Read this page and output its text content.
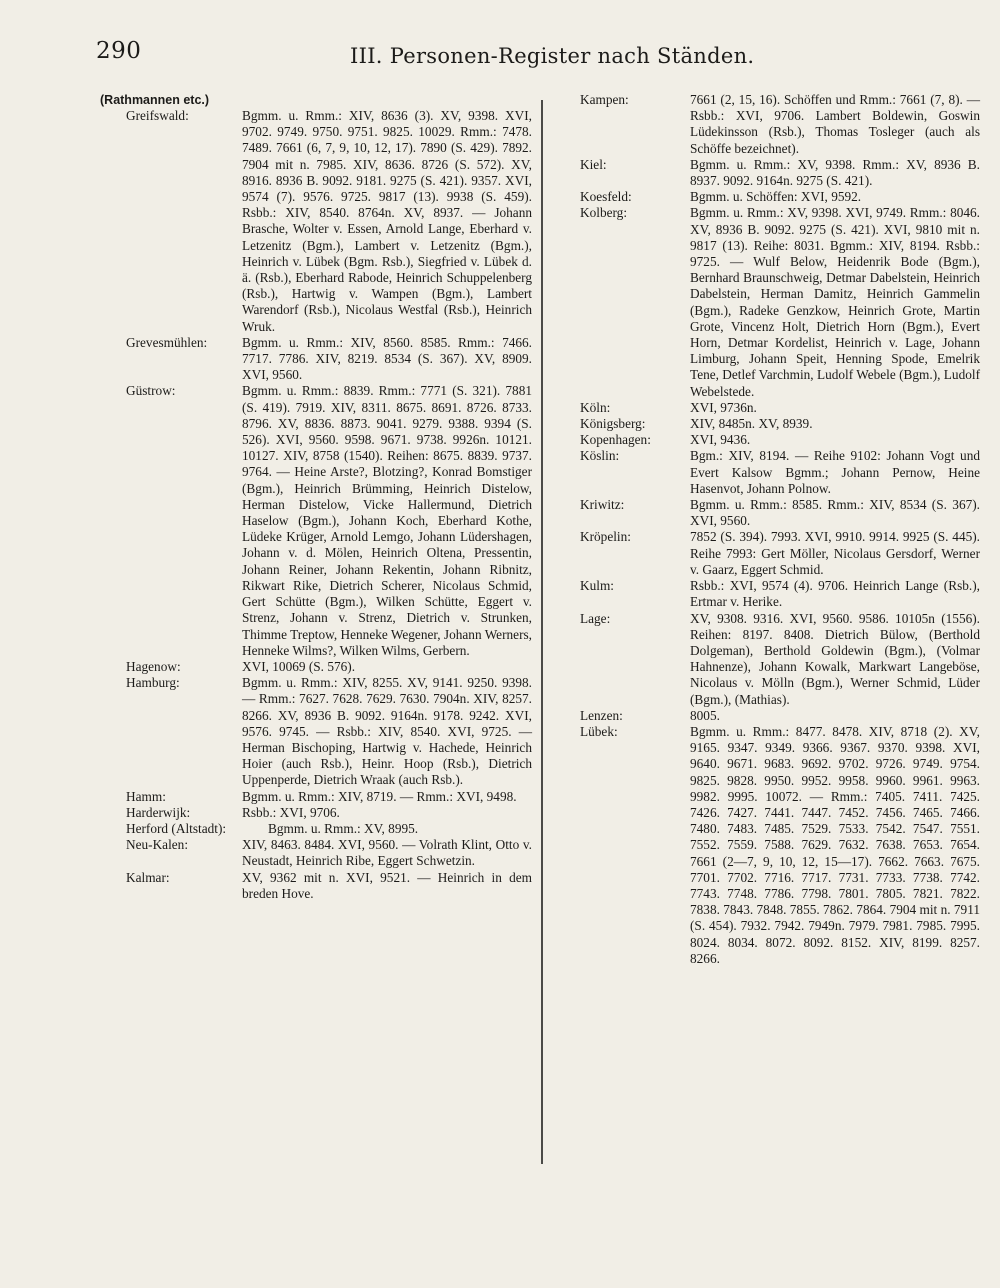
290	III. Personen-Register nach Ständen.
(Rathmannen etc.)
Greifswald:	Bgmm. u. Rmm.: XIV, 8636 (3). XV, 9398. XVI, 9702. 9749. 9750. 9751. 9825. 10029. Rmm.: 7478. 7489. 7661 (6, 7, 9, 10, 12, 17). 7890 (S. 429). 7892. 7904 mit n. 7985. XIV, 8636. 8726 (S. 572). XV, 8916. 8936 B. 9092. 9181. 9275 (S. 421). 9357. XVI, 9574 (7). 9576. 9725. 9817 (13). 9938 (S. 459). Rsbb.: XIV, 8540. 8764n. XV, 8937. — Johann Brasche, Wolter v. Essen, Arnold Lange, Eberhard v. Letzenitz (Bgm.), Lambert v. Letzenitz (Bgm.), Heinrich v. Lübek (Bgm. Rsb.), Siegfried v. Lübek d. ä. (Rsb.), Eberhard Rabode, Heinrich Schuppelenberg (Rsb.), Hartwig v. Wampen (Bgm.), Lambert Warendorf (Rsb.), Nicolaus Westfal (Rsb.), Heinrich Wruk.
Grevesmühlen:	Bgmm. u. Rmm.: XIV, 8560. 8585. Rmm.: 7466. 7717. 7786. XIV, 8219. 8534 (S. 367). XV, 8909. XVI, 9560.
Güstrow:	Bgmm. u. Rmm.: 8839. Rmm.: 7771 (S. 321). 7881 (S. 419). 7919. XIV, 8311. 8675. 8691. 8726. 8733. 8796. XV, 8836. 8873. 9041. 9279. 9388. 9394 (S. 526). XVI, 9560. 9598. 9671. 9738. 9926n. 10121. 10127. XIV, 8758 (1540). Reihen: 8675. 8839. 9737. 9764. — Heine Arste?, Blotzing?, Konrad Bomstiger (Bgm.), Heinrich Brümming, Heinrich Distelow, Herman Distelow, Vicke Hallermund, Dietrich Haselow (Bgm.), Johann Koch, Eberhard Kothe, Lüdeke Krüger, Arnold Lemgo, Johann Lüdershagen, Johann v. d. Mölen, Heinrich Oltena, Pressentin, Johann Reiner, Johann Rekentin, Johann Ribnitz, Rikwart Rike, Dietrich Scherer, Nicolaus Schmid, Gert Schütte (Bgm.), Wilken Schütte, Eggert v. Strenz, Johann v. Strenz, Dietrich v. Strunken, Thimme Treptow, Henneke Wegener, Johann Werners, Henneke Wilms?, Wilken Wilms, Gerbern.
Hagenow:	XVI, 10069 (S. 576).
Hamburg:	Bgmm. u. Rmm.: XIV, 8255. XV, 9141. 9250. 9398. — Rmm.: 7627. 7628. 7629. 7630. 7904n. XIV, 8257. 8266. XV, 8936 B. 9092. 9164n. 9178. 9242. XVI, 9576. 9745. — Rsbb.: XIV, 8540. XVI, 9725. — Herman Bischoping, Hartwig v. Hachede, Heinrich Hoier (auch Rsb.), Heinr. Hoop (Rsb.), Dietrich Uppenperde, Dietrich Wraak (auch Rsb.).
Hamm:	Bgmm. u. Rmm.: XIV, 8719. — Rmm.: XVI, 9498.
Harderwijk:	Rsbb.: XVI, 9706.
Herford (Altstadt):	Bgmm. u. Rmm.: XV, 8995.
Neu-Kalen:	XIV, 8463. 8484. XVI, 9560. — Volrath Klint, Otto v. Neustadt, Heinrich Ribe, Eggert Schwetzin.
Kalmar:	XV, 9362 mit n. XVI, 9521. — Heinrich in dem breden Hove.
Kampen:	7661 (2, 15, 16). Schöffen und Rmm.: 7661 (7, 8). — Rsbb.: XVI, 9706. Lambert Boldewin, Goswin Lüdekinsson (Rsb.), Thomas Tosleger (auch als Schöffe bezeichnet).
Kiel:	Bgmm. u. Rmm.: XV, 9398. Rmm.: XV, 8936 B. 8937. 9092. 9164n. 9275 (S. 421).
Koesfeld:	Bgmm. u. Schöffen: XVI, 9592.
Kolberg:	Bgmm. u. Rmm.: XV, 9398. XVI, 9749. Rmm.: 8046. XV, 8936 B. 9092. 9275 (S. 421). XVI, 9810 mit n. 9817 (13). Reihe: 8031. Bgmm.: XIV, 8194. Rsbb.: 9725. — Wulf Below, Heidenrik Bode (Bgm.), Bernhard Braunschweig, Detmar Dabelstein, Heinrich Dabelstein, Herman Damitz, Heinrich Gammelin (Bgm.), Radeke Genzkow, Heinrich Grote, Martin Grote, Vincenz Holt, Dietrich Horn (Bgm.), Evert Horn, Detmar Kordelist, Heinrich v. Lage, Johann Limburg, Johann Speit, Henning Spode, Emelrik Tene, Detlef Varchmin, Ludolf Webele (Bgm.), Ludolf Webelstede.
Köln:	XVI, 9736n.
Königsberg:	XIV, 8485n. XV, 8939.
Kopenhagen:	XVI, 9436.
Köslin:	Bgm.: XIV, 8194. — Reihe 9102: Johann Vogt und Evert Kalsow Bgmm.; Johann Pernow, Heine Hasenvot, Johann Polnow.
Kriwitz:	Bgmm. u. Rmm.: 8585. Rmm.: XIV, 8534 (S. 367). XVI, 9560.
Kröpelin:	7852 (S. 394). 7993. XVI, 9910. 9914. 9925 (S. 445). Reihe 7993: Gert Möller, Nicolaus Gersdorf, Werner v. Gaarz, Eggert Schmid.
Kulm:	Rsbb.: XVI, 9574 (4). 9706. Heinrich Lange (Rsb.), Ertmar v. Herike.
Lage:	XV, 9308. 9316. XVI, 9560. 9586. 10105n (1556). Reihen: 8197. 8408. Dietrich Bülow, (Berthold Dolgeman), Berthold Goldewin (Bgm.), (Volmar Hahnenze), Johann Kowalk, Markwart Langeböse, Nicolaus v. Mölln (Bgm.), Werner Schmid, Lüder (Bgm.), (Mathias).
Lenzen:	8005.
Lübek:	Bgmm. u. Rmm.: 8477. 8478. XIV, 8718 (2). XV, 9165. 9347. 9349. 9366. 9367. 9370. 9398. XVI, 9640. 9671. 9683. 9692. 9702. 9726. 9749. 9754. 9825. 9828. 9950. 9952. 9958. 9960. 9961. 9963. 9982. 9995. 10072. — Rmm.: 7405. 7411. 7425. 7426. 7427. 7441. 7447. 7452. 7456. 7465. 7466. 7480. 7483. 7485. 7529. 7533. 7542. 7547. 7551. 7552. 7559. 7588. 7629. 7632. 7638. 7653. 7654. 7661 (2—7, 9, 10, 12, 15—17). 7662. 7663. 7675. 7701. 7702. 7716. 7717. 7731. 7733. 7738. 7742. 7743. 7748. 7786. 7798. 7801. 7805. 7821. 7822. 7838. 7843. 7848. 7855. 7862. 7864. 7904 mit n. 7911 (S. 454). 7932. 7942. 7949n. 7979. 7981. 7985. 7995. 8024. 8034. 8072. 8092. 8152. XIV, 8199. 8257. 8266.
